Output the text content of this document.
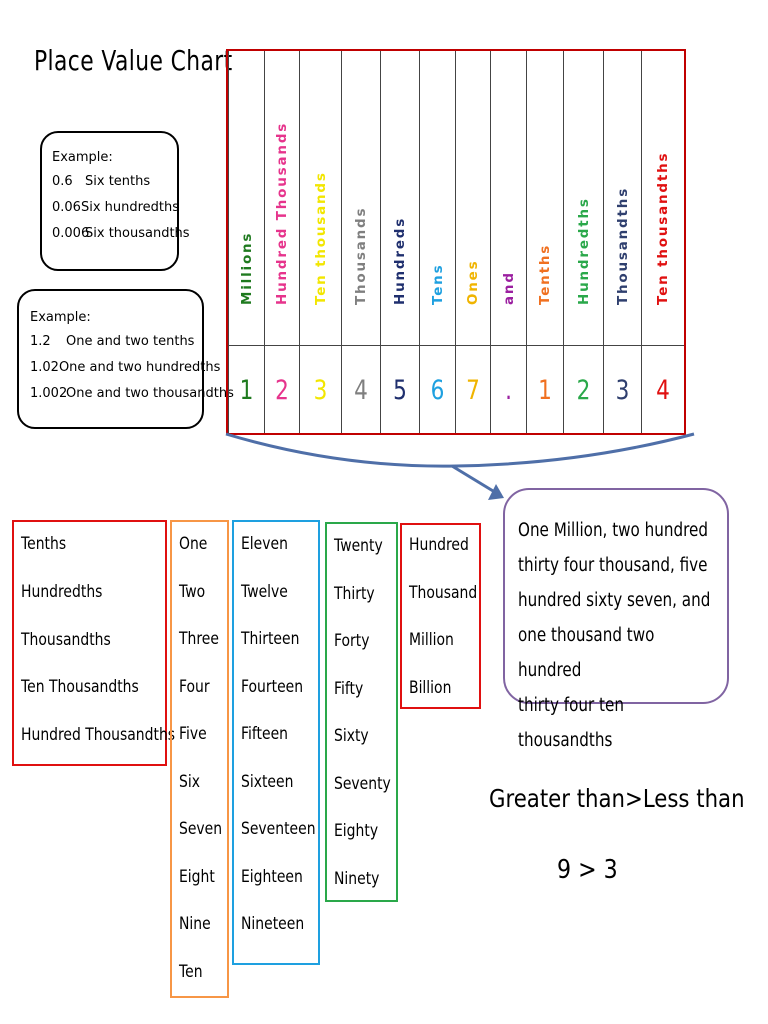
Place Value Chart
Example:
0.6 Six tenths
0.06 Six hundredths
0.006
Six thousandths
Example:
1.2	One and two tenths
1.02 One and two hundredths
1.002
One and two thousandths
Millions
1
Hundred Thousands
2
Ten thousands
3
Thousands
4
Hundreds
5
Tens
6
Ones
7
and
.
Tenths
1
Hundredths
2
Thousandths
3
Ten thousandths
4
Tenths
Hundredths
Thousandths
Ten Thousandths
Hundred Thousandths
One
Two
Three
Four
Five
Six
Seven
Eight
Nine
Ten
Eleven
Twelve
Thirteen
Fourteen
Fifteen
Sixteen
Seventeen
Eighteen
Nineteen
Twenty
Thirty
Forty
Fifty
Sixty
Seventy
Eighty
Ninety
Hundred
Thousand
Million
Billion
One Million, two hundred
thirty four thousand, five
hundred sixty seven, and
one thousand two hundred
thirty four ten thousandths
Greater than>Less than
9 > 3
